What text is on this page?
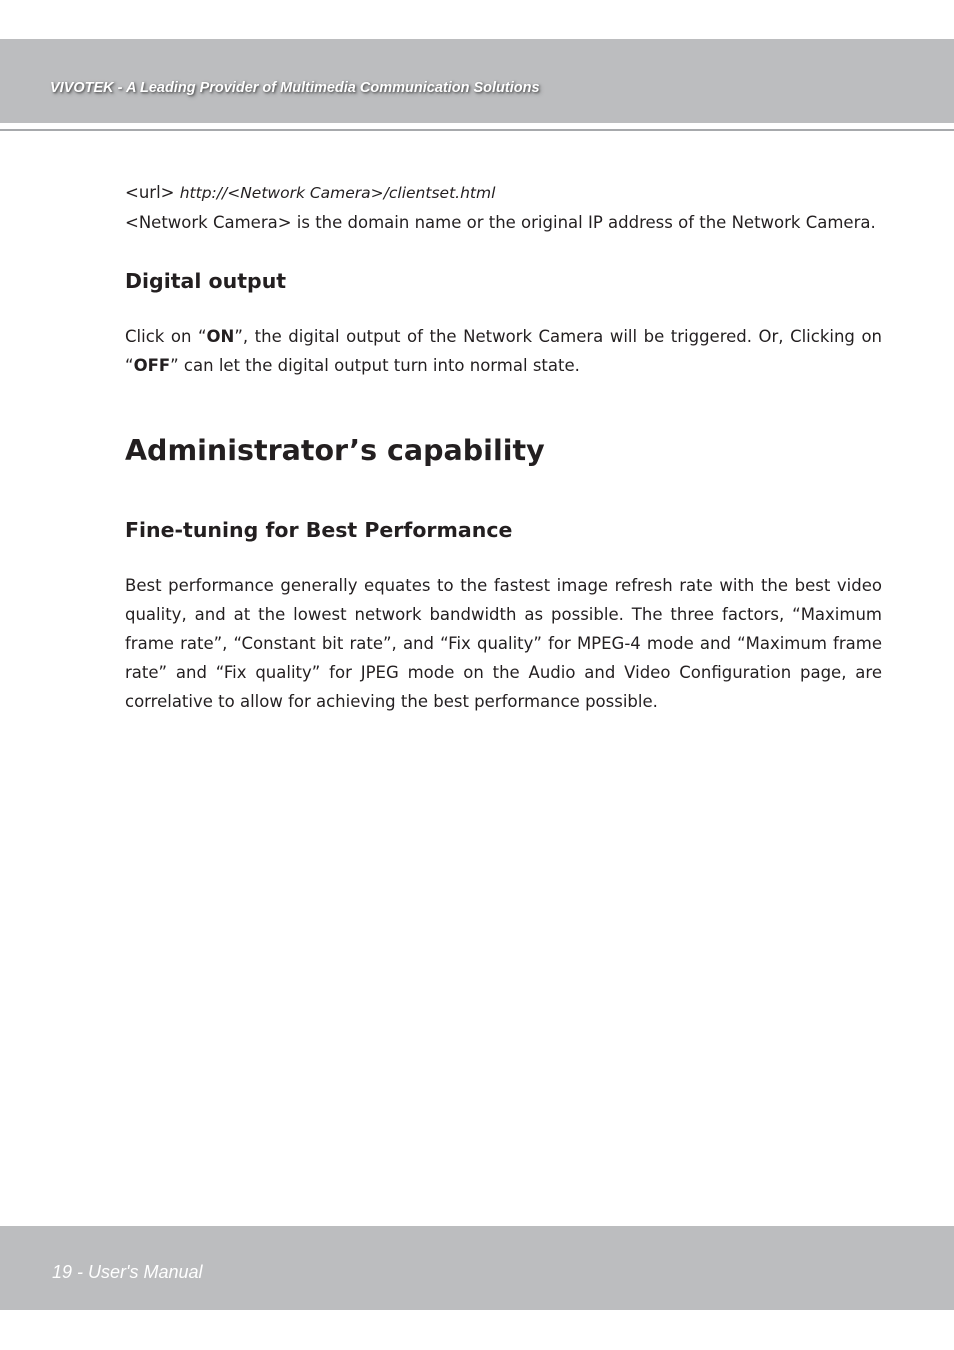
VIVOTEK - A Leading Provider of Multimedia Communication Solutions
<url> http://<Network Camera>/clientset.html

<Network Camera> is the domain name or the original IP address of the Network Camera.

Digital output

Click on “ON”, the digital output of the Network Camera will be triggered. Or, Clicking on “OFF” can let the digital output turn into normal state.

Administrator’s capability
Fine-tuning for Best Performance

Best performance generally equates to the fastest image refresh rate with the best video quality, and at the lowest network bandwidth as possible. The three factors, “Maximum frame rate”, “Constant bit rate”, and “Fix quality” for MPEG-4 mode and “Maximum frame rate” and “Fix quality” for JPEG mode on the Audio and Video Configuration page, are correlative to allow for achieving the best performance possible.

19 - User's Manual
